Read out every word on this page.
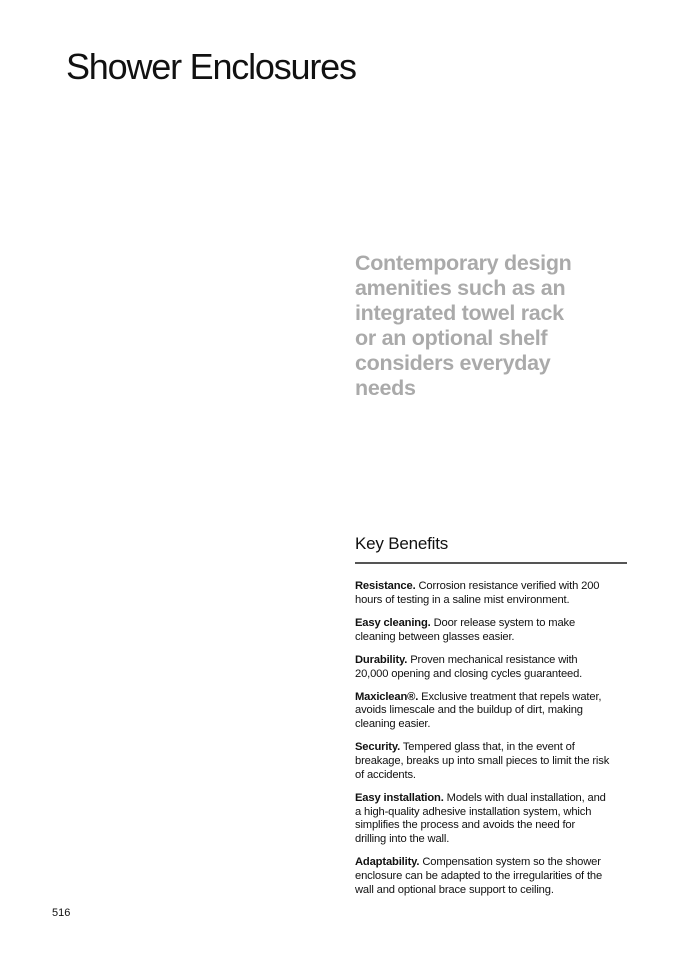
Shower Enclosures
Contemporary design
amenities such as an
integrated towel rack
or an optional shelf
considers everyday
needs
Key Benefits
Resistance. Corrosion resistance verified with 200
hours of testing in a saline mist environment.
Easy cleaning. Door release system to make
cleaning between glasses easier.
Durability. Proven mechanical resistance with
20,000 opening and closing cycles guaranteed.
Maxiclean®. Exclusive treatment that repels water,
avoids limescale and the buildup of dirt, making
cleaning easier.
Security. Tempered glass that, in the event of
breakage, breaks up into small pieces to limit the risk
of accidents.
Easy installation. Models with dual installation, and
a high-quality adhesive installation system, which
simplifies the process and avoids the need for
drilling into the wall.
Adaptability. Compensation system so the shower
enclosure can be adapted to the irregularities of the
wall and optional brace support to ceiling.
516
